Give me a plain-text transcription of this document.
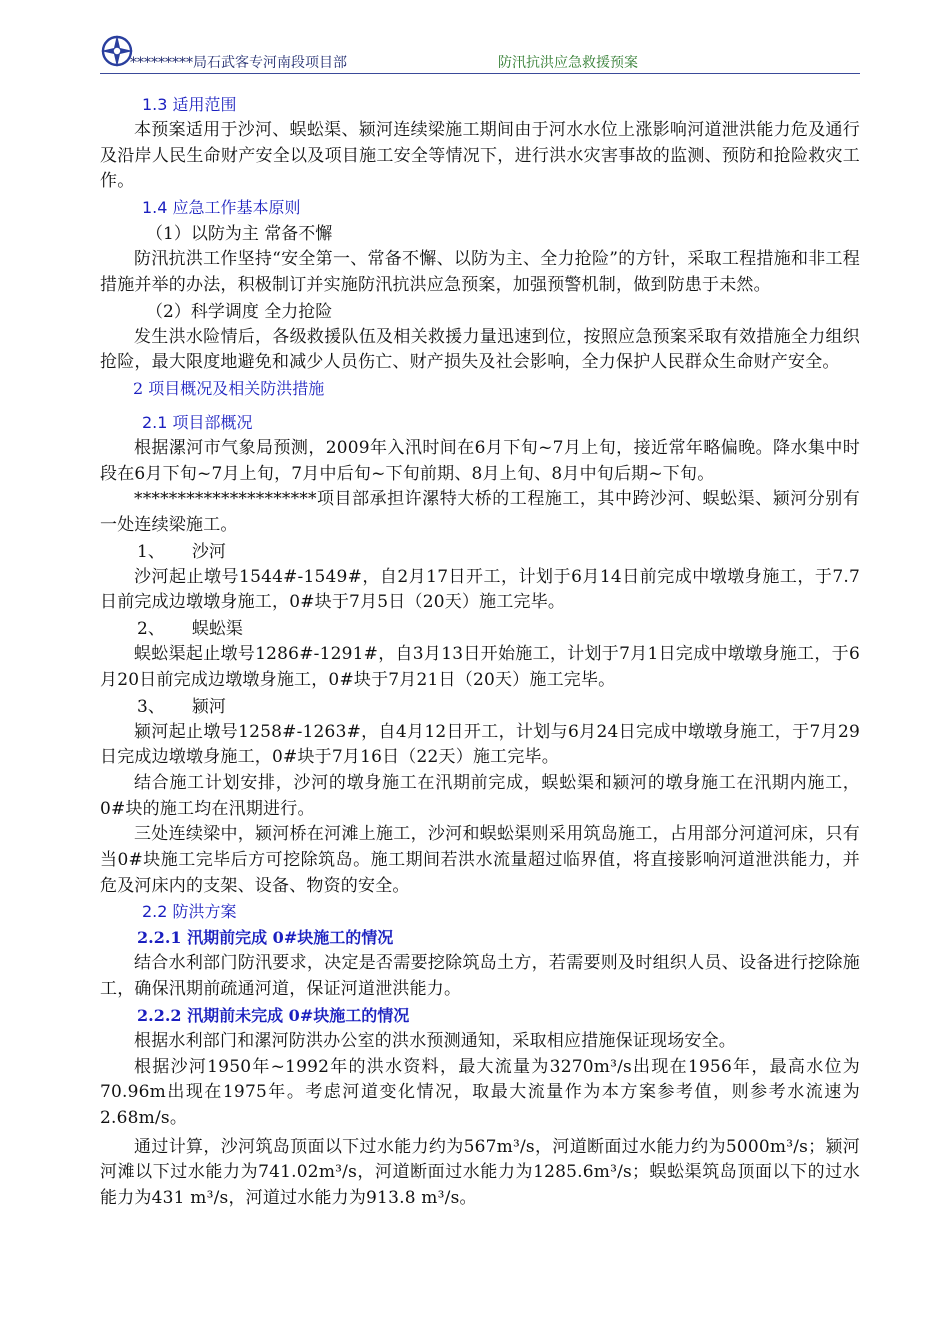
*********局石武客专河南段项目部	防汛抗洪应急救援预案

1.3 适用范围

本预案适用于沙河、蜈蚣渠、颍河连续梁施工期间由于河水水位上涨影响河道泄洪能力危及通行及沿岸人民生命财产安全以及项目施工安全等情况下，进行洪水灾害事故的监测、预防和抢险救灾工作。

1.4 应急工作基本原则

（1）以防为主 常备不懈

防汛抗洪工作坚持“安全第一、常备不懈、以防为主、全力抢险”的方针，采取工程措施和非工程措施并举的办法，积极制订并实施防汛抗洪应急预案，加强预警机制，做到防患于未然。

（2）科学调度 全力抢险

发生洪水险情后，各级救援队伍及相关救援力量迅速到位，按照应急预案采取有效措施全力组织抢险，最大限度地避免和减少人员伤亡、财产损失及社会影响，全力保护人民群众生命财产安全。

2 项目概况及相关防洪措施

2.1 项目部概况

根据漯河市气象局预测，2009年入汛时间在6月下旬~7月上旬，接近常年略偏晚。降水集中时段在6月下旬~7月上旬，7月中后旬~下旬前期、8月上旬、8月中旬后期~下旬。

*********************项目部承担许漯特大桥的工程施工，其中跨沙河、蜈蚣渠、颍河分别有一处连续梁施工。

1、     沙河

沙河起止墩号1544#-1549#，自2月17日开工，计划于6月14日前完成中墩墩身施工，于7.7日前完成边墩墩身施工，0#块于7月5日（20天）施工完毕。

2、     蜈蚣渠

蜈蚣渠起止墩号1286#-1291#，自3月13日开始施工，计划于7月1日完成中墩墩身施工，于6月20日前完成边墩墩身施工，0#块于7月21日（20天）施工完毕。

3、     颍河

颍河起止墩号1258#-1263#，自4月12日开工，计划与6月24日完成中墩墩身施工，于7月29日完成边墩墩身施工，0#块于7月16日（22天）施工完毕。

结合施工计划安排，沙河的墩身施工在汛期前完成，蜈蚣渠和颍河的墩身施工在汛期内施工，0#块的施工均在汛期进行。

三处连续梁中，颍河桥在河滩上施工，沙河和蜈蚣渠则采用筑岛施工，占用部分河道河床，只有当0#块施工完毕后方可挖除筑岛。施工期间若洪水流量超过临界值，将直接影响河道泄洪能力，并危及河床内的支架、设备、物资的安全。

2.2 防洪方案

2.2.1 汛期前完成 0#块施工的情况

结合水利部门防汛要求，决定是否需要挖除筑岛土方，若需要则及时组织人员、设备进行挖除施工，确保汛期前疏通河道，保证河道泄洪能力。

2.2.2 汛期前未完成 0#块施工的情况

根据水利部门和漯河防洪办公室的洪水预测通知，采取相应措施保证现场安全。

根据沙河1950年~1992年的洪水资料，最大流量为3270m³/s出现在1956年，最高水位为70.96m出现在1975年。考虑河道变化情况，取最大流量作为本方案参考值，则参考水流速为2.68m/s。

通过计算，沙河筑岛顶面以下过水能力约为567m³/s，河道断面过水能力约为5000m³/s；颍河河滩以下过水能力为741.02m³/s，河道断面过水能力为1285.6m³/s；蜈蚣渠筑岛顶面以下的过水能力为431 m³/s，河道过水能力为913.8 m³/s。
